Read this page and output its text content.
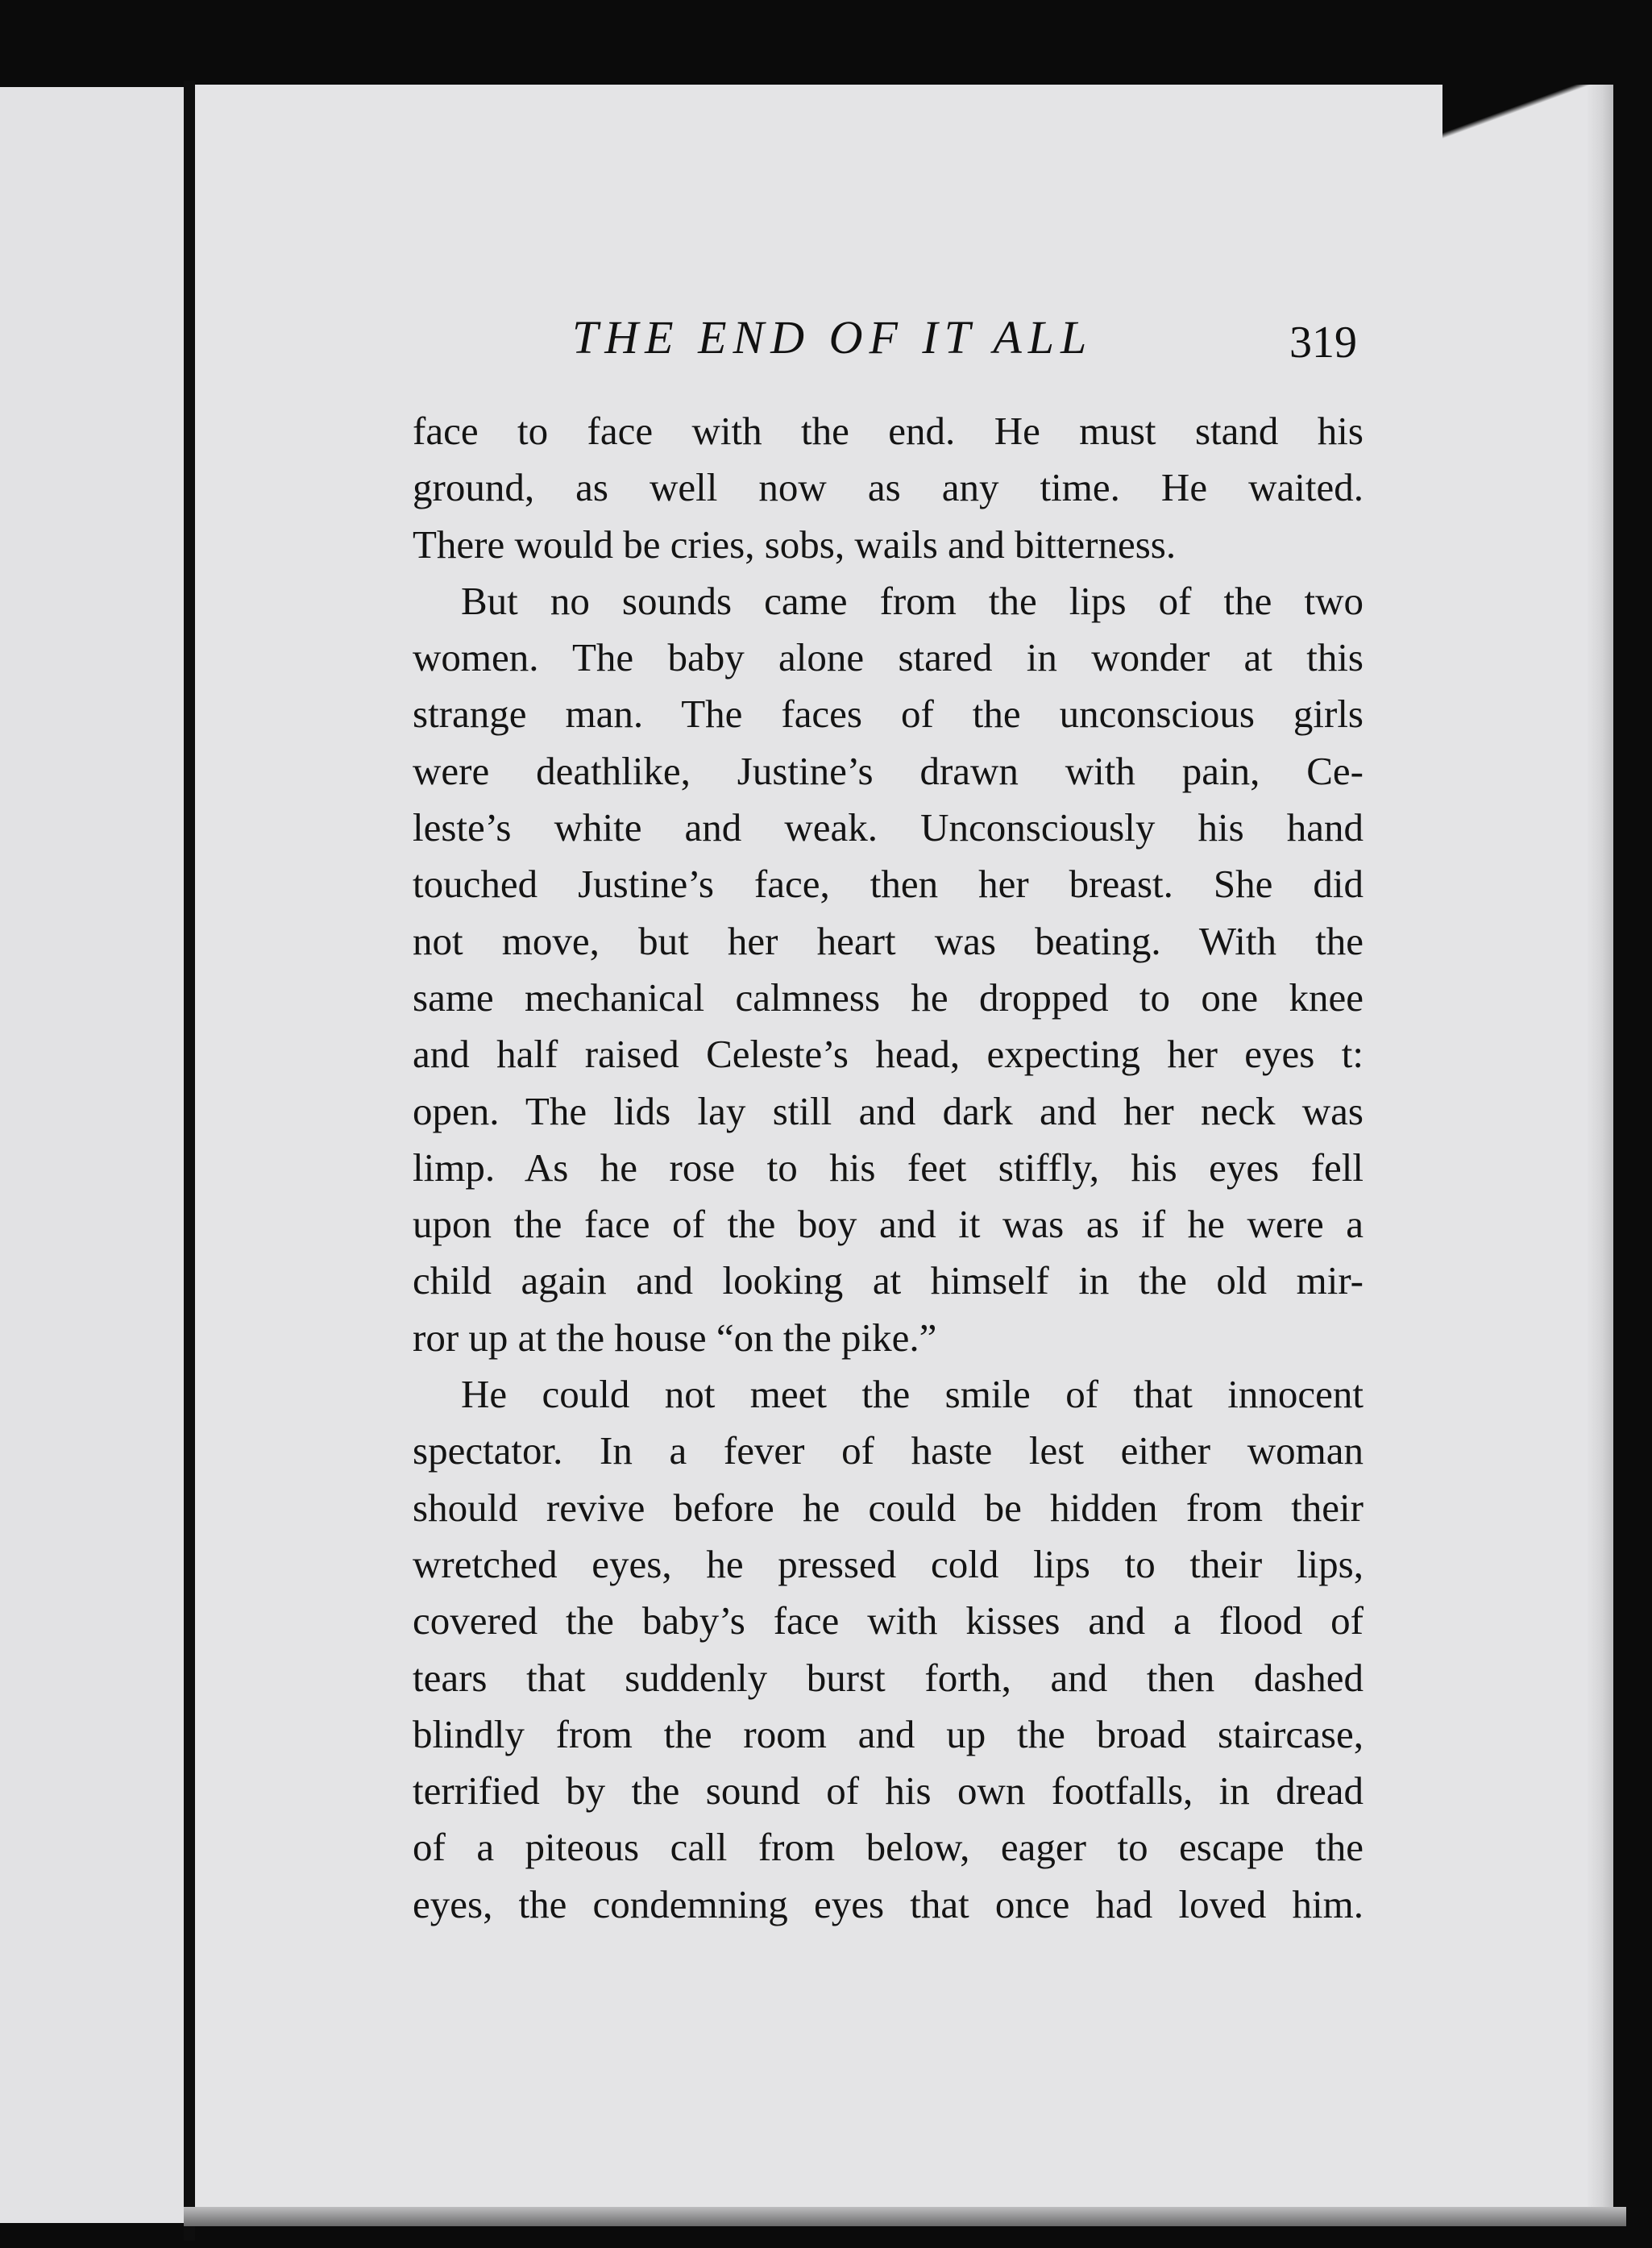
THE END OF IT ALL	319
face to face with the end. He must stand his
ground, as well now as any time. He waited.
There would be cries, sobs, wails and bitterness.
But no sounds came from the lips of the two
women. The baby alone stared in wonder at this
strange man. The faces of the unconscious girls
were deathlike, Justine’s drawn with pain, Ce-
leste’s white and weak. Unconsciously his hand
touched Justine’s face, then her breast. She did
not move, but her heart was beating. With the
same mechanical calmness he dropped to one knee
and half raised Celeste’s head, expecting her eyes t:
open. The lids lay still and dark and her neck was
limp. As he rose to his feet stiffly, his eyes fell
upon the face of the boy and it was as if he were a
child again and looking at himself in the old mir-
ror up at the house “on the pike.”
He could not meet the smile of that innocent
spectator. In a fever of haste lest either woman
should revive before he could be hidden from their
wretched eyes, he pressed cold lips to their lips,
covered the baby’s face with kisses and a flood of
tears that suddenly burst forth, and then dashed
blindly from the room and up the broad staircase,
terrified by the sound of his own footfalls, in dread
of a piteous call from below, eager to escape the
eyes, the condemning eyes that once had loved him.
